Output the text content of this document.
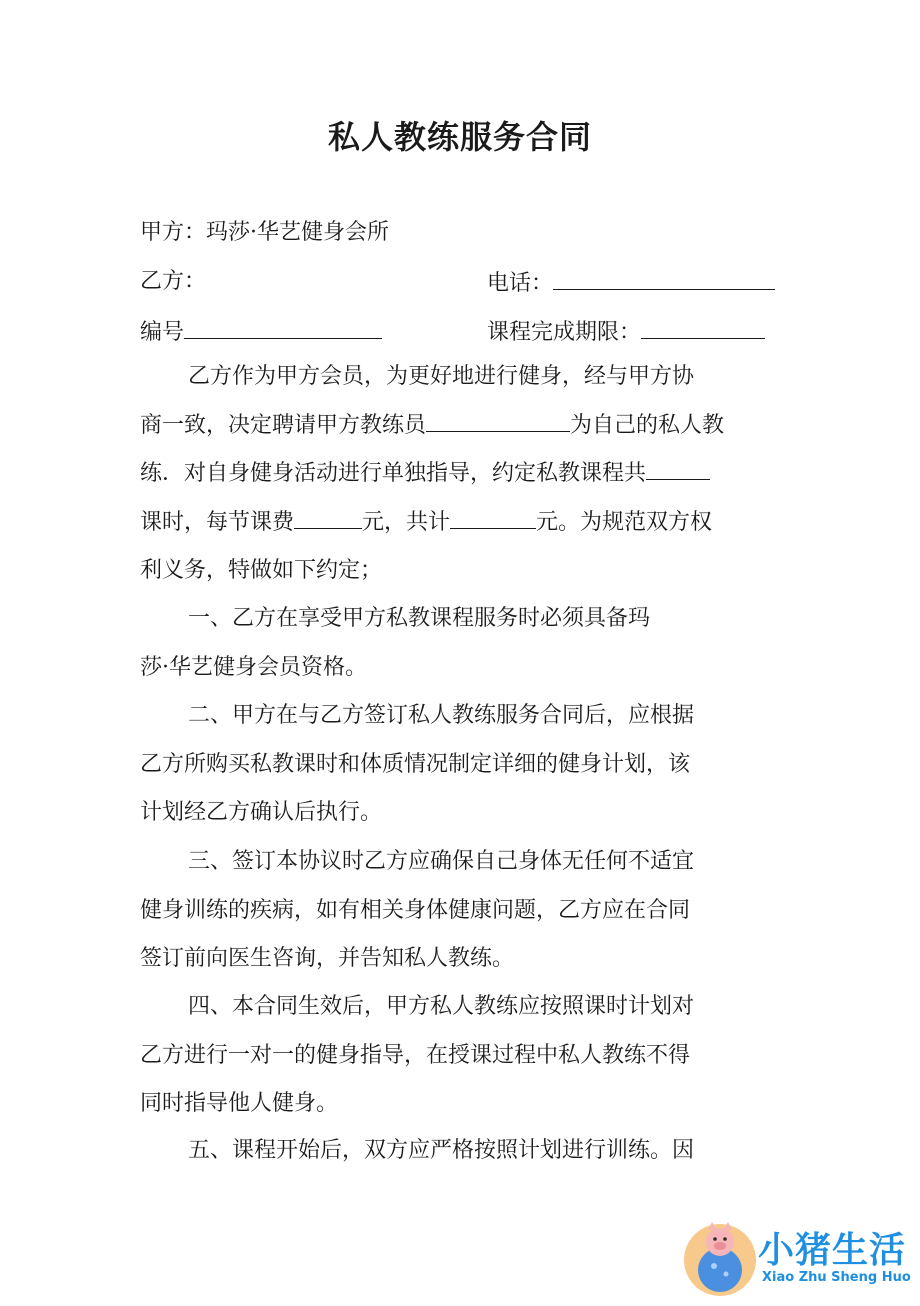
私人教练服务合同
甲方：玛莎·华艺健身会所
乙方：	电话：
编号	课程完成期限：
乙方作为甲方会员，为更好地进行健身，经与甲方协
商一致，决定聘请甲方教练员	为自己的私人教
练．对自身健身活动进行单独指导，约定私教课程共
课时，每节课费	元，共计	元。为规范双方权
利义务，特做如下约定；
一、乙方在享受甲方私教课程服务时必须具备玛
莎·华艺健身会员资格。
二、甲方在与乙方签订私人教练服务合同后，应根据
乙方所购买私教课时和体质情况制定详细的健身计划，该
计划经乙方确认后执行。
三、签订本协议时乙方应确保自己身体无任何不适宜
健身训练的疾病，如有相关身体健康问题，乙方应在合同
签订前向医生咨询，并告知私人教练。
四、本合同生效后，甲方私人教练应按照课时计划对
乙方进行一对一的健身指导，在授课过程中私人教练不得
同时指导他人健身。
五、课程开始后，双方应严格按照计划进行训练。因
小猪生活
Xiao Zhu Sheng Huo
